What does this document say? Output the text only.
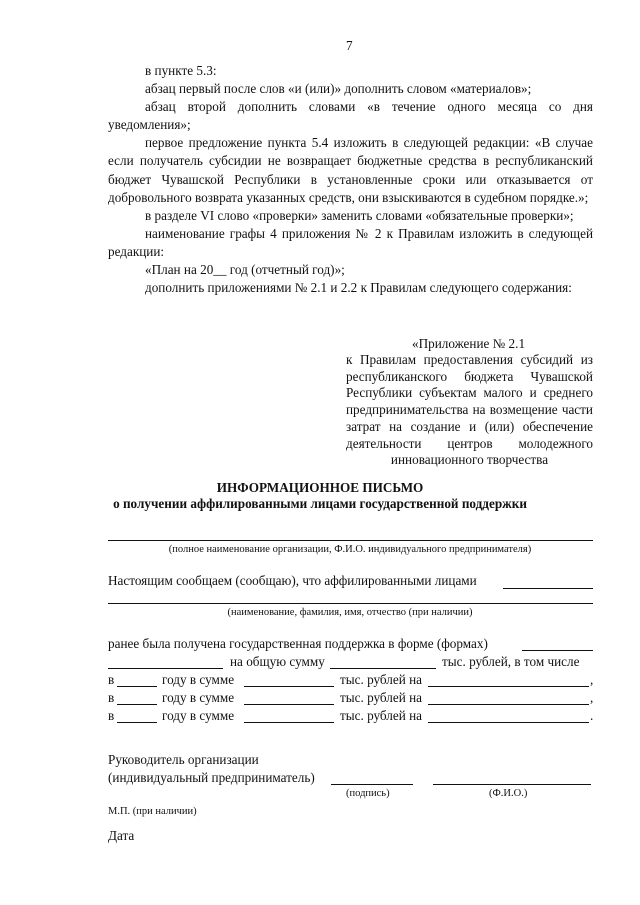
7
в пункте 5.3:
абзац первый после слов «и (или)» дополнить словом «материалов»;
абзац второй дополнить словами «в течение одного месяца со дня уведомления»;
первое предложение пункта 5.4 изложить в следующей редакции: «В случае если получатель субсидии не возвращает бюджетные средства в республиканский бюджет Чувашской Республики в установленные сроки или отказывается от добровольного возврата указанных средств, они взыскиваются в судебном порядке.»;
в разделе VI слово «проверки» заменить словами «обязательные проверки»;
наименование графы 4 приложения № 2 к Правилам изложить в следующей редакции:
«План на 20__ год (отчетный год)»;
дополнить приложениями № 2.1 и 2.2 к Правилам следующего содержания:
«Приложение № 2.1
к Правилам предоставления субсидий из республиканского бюджета Чувашской Республики субъектам малого и среднего предпринимательства на возмещение части затрат на создание и (или) обеспечение деятельности центров молодежного инновационного творчества
ИНФОРМАЦИОННОЕ ПИСЬМО
о получении аффилированными лицами государственной поддержки
(полное наименование организации, Ф.И.О. индивидуального предпринимателя)
Настоящим сообщаем (сообщаю), что аффилированными лицами
(наименование, фамилия, имя, отчество (при наличии)
ранее была получена государственная поддержка в форме (формах)
на общую сумму	тыс. рублей, в том числе
в	году в сумме	тыс. рублей на	,
в	году в сумме	тыс. рублей на	,
в	году в сумме	тыс. рублей на	.
Руководитель организации
(индивидуальный предприниматель)
(подпись)	(Ф.И.О.)
М.П. (при наличии)
Дата
